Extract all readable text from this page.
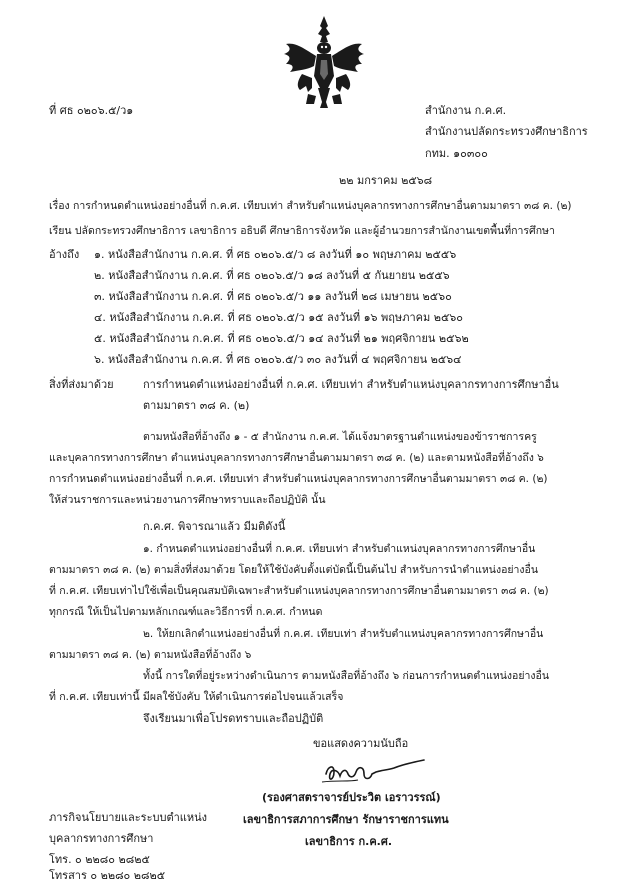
ที่ ศธ ๐๒๐๖.๕/ว๑	สำนักงาน ก.ค.ศ.
สำนักงานปลัดกระทรวงศึกษาธิการ
กทม. ๑๐๓๐๐
๒๒ มกราคม ๒๕๖๘
เรื่อง การกำหนดตำแหน่งอย่างอื่นที่ ก.ค.ศ. เทียบเท่า สำหรับตำแหน่งบุคลากรทางการศึกษาอื่นตามมาตรา ๓๘ ค. (๒)
เรียน ปลัดกระทรวงศึกษาธิการ เลขาธิการ อธิบดี ศึกษาธิการจังหวัด และผู้อำนวยการสำนักงานเขตพื้นที่การศึกษา
อ้างถึง ๑. หนังสือสำนักงาน ก.ค.ศ. ที่ ศธ ๐๒๐๖.๕/ว ๘ ลงวันที่ ๑๐ พฤษภาคม ๒๕๕๖
๒. หนังสือสำนักงาน ก.ค.ศ. ที่ ศธ ๐๒๐๖.๕/ว ๑๘ ลงวันที่ ๕ กันยายน ๒๕๕๖
๓. หนังสือสำนักงาน ก.ค.ศ. ที่ ศธ ๐๒๐๖.๕/ว ๑๑ ลงวันที่ ๒๘ เมษายน ๒๕๖๐
๔. หนังสือสำนักงาน ก.ค.ศ. ที่ ศธ ๐๒๐๖.๕/ว ๑๕ ลงวันที่ ๑๖ พฤษภาคม ๒๕๖๐
๕. หนังสือสำนักงาน ก.ค.ศ. ที่ ศธ ๐๒๐๖.๕/ว ๑๔ ลงวันที่ ๒๑ พฤศจิกายน ๒๕๖๒
๖. หนังสือสำนักงาน ก.ค.ศ. ที่ ศธ ๐๒๐๖.๕/ว ๓๐ ลงวันที่ ๔ พฤศจิกายน ๒๕๖๔
สิ่งที่ส่งมาด้วย	การกำหนดตำแหน่งอย่างอื่นที่ ก.ค.ศ. เทียบเท่า สำหรับตำแหน่งบุคลากรทางการศึกษาอื่น
ตามมาตรา ๓๘ ค. (๒)
ตามหนังสือที่อ้างถึง ๑ - ๕ สำนักงาน ก.ค.ศ. ได้แจ้งมาตรฐานตำแหน่งของข้าราชการครู
และบุคลากรทางการศึกษา ตำแหน่งบุคลากรทางการศึกษาอื่นตามมาตรา ๓๘ ค. (๒) และตามหนังสือที่อ้างถึง ๖
การกำหนดตำแหน่งอย่างอื่นที่ ก.ค.ศ. เทียบเท่า สำหรับตำแหน่งบุคลากรทางการศึกษาอื่นตามมาตรา ๓๘ ค. (๒)
ให้ส่วนราชการและหน่วยงานการศึกษาทราบและถือปฏิบัติ นั้น
ก.ค.ศ. พิจารณาแล้ว มีมติดังนี้
๑. กำหนดตำแหน่งอย่างอื่นที่ ก.ค.ศ. เทียบเท่า สำหรับตำแหน่งบุคลากรทางการศึกษาอื่น
ตามมาตรา ๓๘ ค. (๒) ตามสิ่งที่ส่งมาด้วย โดยให้ใช้บังคับตั้งแต่บัดนี้เป็นต้นไป สำหรับการนำตำแหน่งอย่างอื่น
ที่ ก.ค.ศ. เทียบเท่าไปใช้เพื่อเป็นคุณสมบัติเฉพาะสำหรับตำแหน่งบุคลากรทางการศึกษาอื่นตามมาตรา ๓๘ ค. (๒)
ทุกกรณี ให้เป็นไปตามหลักเกณฑ์และวิธีการที่ ก.ค.ศ. กำหนด
๒. ให้ยกเลิกตำแหน่งอย่างอื่นที่ ก.ค.ศ. เทียบเท่า สำหรับตำแหน่งบุคลากรทางการศึกษาอื่น
ตามมาตรา ๓๘ ค. (๒) ตามหนังสือที่อ้างถึง ๖
ทั้งนี้ การใดที่อยู่ระหว่างดำเนินการ ตามหนังสือที่อ้างถึง ๖ ก่อนการกำหนดตำแหน่งอย่างอื่น
ที่ ก.ค.ศ. เทียบเท่านี้ มีผลใช้บังคับ ให้ดำเนินการต่อไปจนแล้วเสร็จ
จึงเรียนมาเพื่อโปรดทราบและถือปฏิบัติ
ขอแสดงความนับถือ
(รองศาสตราจารย์ประวิต เอราวรรณ์)
เลขาธิการสภาการศึกษา รักษาราชการแทน
เลขาธิการ ก.ค.ศ.
ภารกิจนโยบายและระบบตำแหน่ง
บุคลากรทางการศึกษา
โทร. ๐ ๒๒๘๐ ๒๘๒๕
โทรสาร ๐ ๒๒๘๐ ๒๘๒๕
